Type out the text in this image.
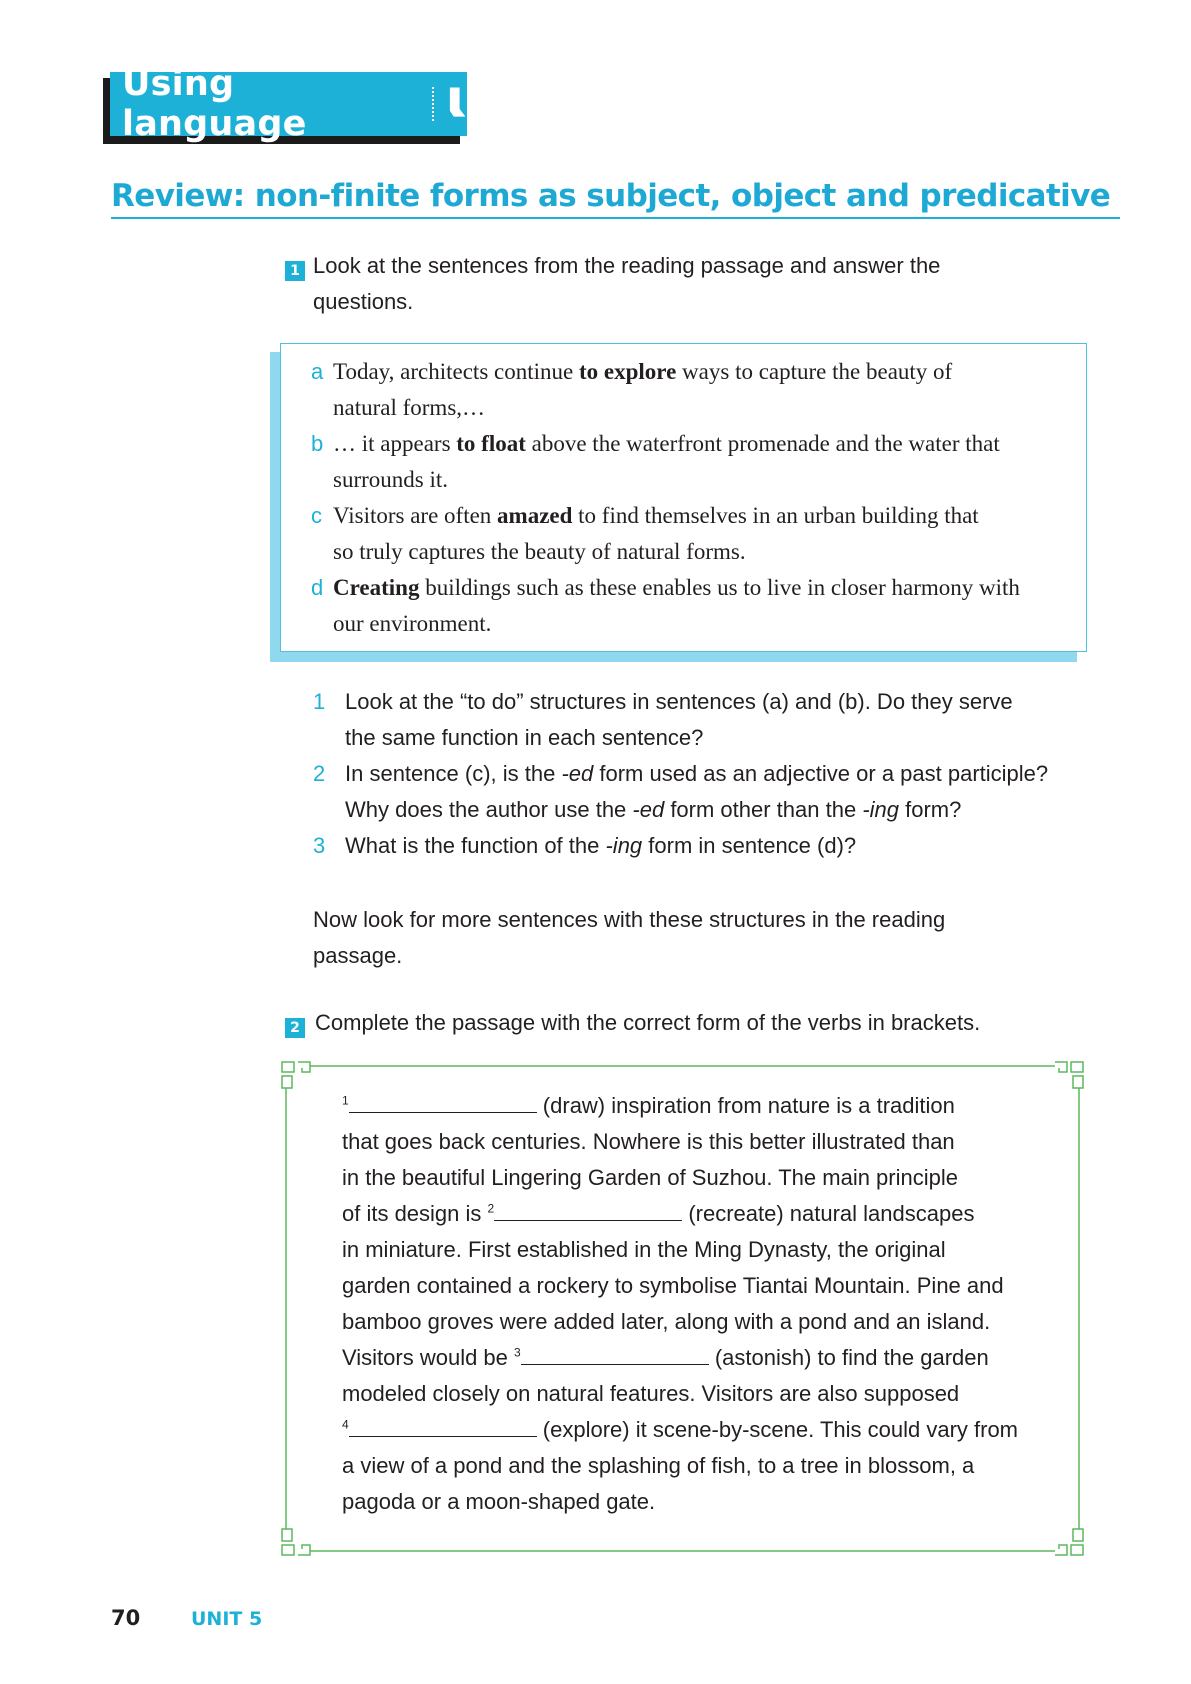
Using language
Review: non-finite forms as subject, object and predicative
1 Look at the sentences from the reading passage and answer the
questions.
a Today, architects continue to explore ways to capture the beauty of
natural forms,…
b … it appears to float above the waterfront promenade and the water that
surrounds it.
c Visitors are often amazed to find themselves in an urban building that
so truly captures the beauty of natural forms.
d Creating buildings such as these enables us to live in closer harmony with
our environment.
1 Look at the “to do” structures in sentences (a) and (b). Do they serve
the same function in each sentence?
2 In sentence (c), is the -ed form used as an adjective or a past participle?
Why does the author use the -ed form other than the -ing form?
3 What is the function of the -ing form in sentence (d)?
Now look for more sentences with these structures in the reading
passage.
2 Complete the passage with the correct form of the verbs in brackets.
$^1$	(draw) inspiration from nature is a tradition
that goes back centuries. Nowhere is this better illustrated than
in the beautiful Lingering Garden of Suzhou. The main principle
of its design is $^2$	(recreate) natural landscapes
in miniature. First established in the Ming Dynasty, the original
garden contained a rockery to symbolise Tiantai Mountain. Pine and
bamboo groves were added later, along with a pond and an island.
Visitors would be $^3$	(astonish) to find the garden
modeled closely on natural features. Visitors are also supposed
$^4$	(explore) it scene-by-scene. This could vary from
a view of a pond and the splashing of fish, to a tree in blossom, a
pagoda or a moon-shaped gate.
70	UNIT 5
